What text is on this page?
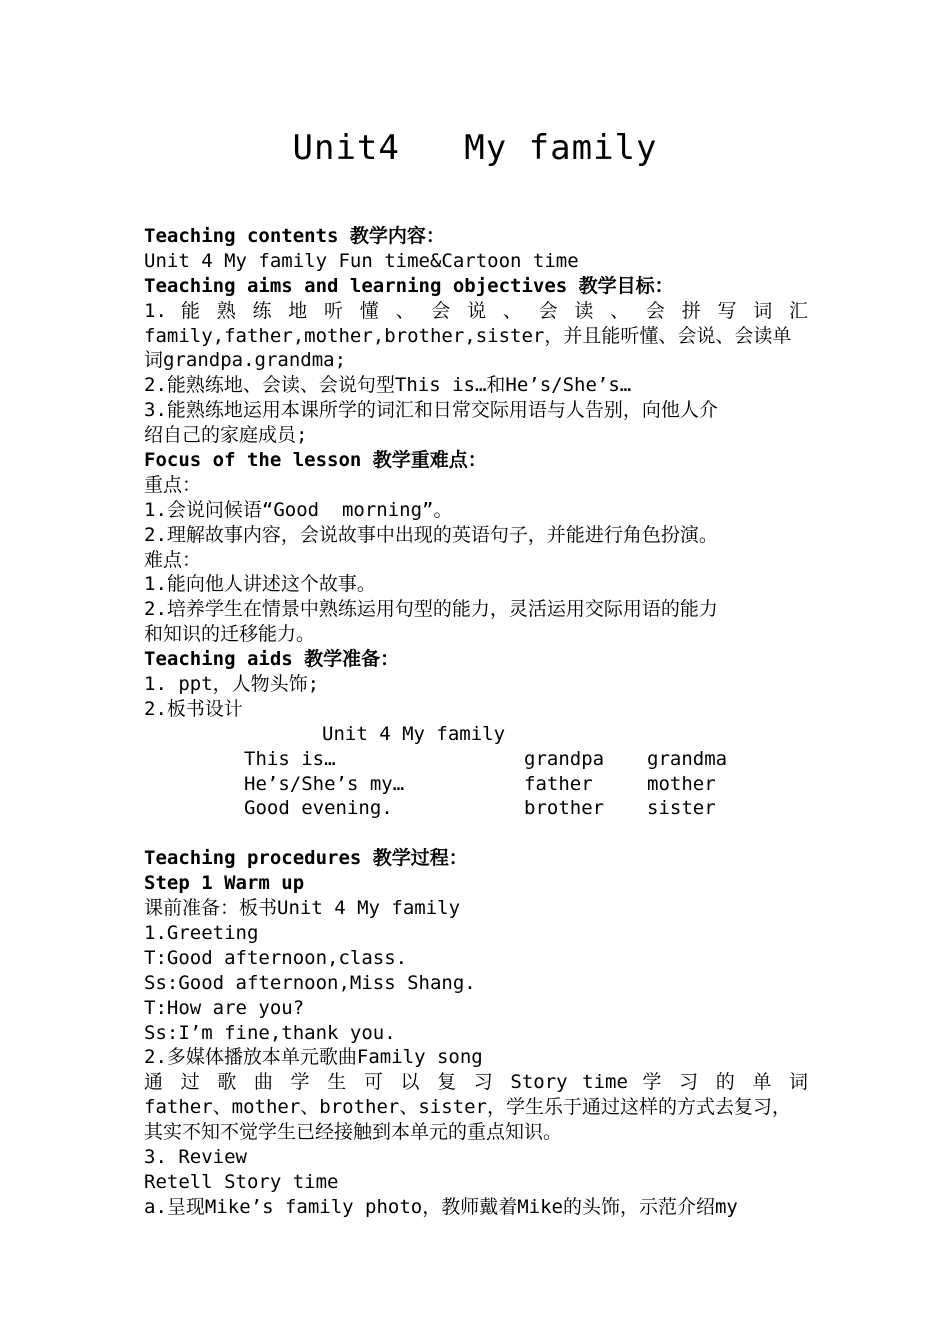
Unit4   My family
Teaching contents 教学内容：
Unit 4 My family Fun time&Cartoon time
Teaching aims and learning objectives 教学目标：
1. 能 熟 练 地 听 懂 、 会 说 、 会 读 、 会 拼 写 词 汇
family,father,mother,brother,sister，并且能听懂、会说、会读单
词grandpa.grandma;
2.能熟练地、会读、会说句型This is…和He’s/She’s…
3.能熟练地运用本课所学的词汇和日常交际用语与人告别，向他人介
绍自己的家庭成员;
Focus of the lesson 教学重难点：
重点：
1.会说问候语“Good  morning”。
2.理解故事内容，会说故事中出现的英语句子，并能进行角色扮演。
难点：
1.能向他人讲述这个故事。
2.培养学生在情景中熟练运用句型的能力，灵活运用交际用语的能力
和知识的迁移能力。
Teaching aids 教学准备：
1. ppt，人物头饰;
2.板书设计
Unit 4 My family
This is…	grandpa	grandma
He’s/She’s my…	father	mother
Good evening.	brother	sister
Teaching procedures 教学过程：
Step 1 Warm up
课前准备：板书Unit 4 My family
1.Greeting
T:Good afternoon,class.
Ss:Good afternoon,Miss Shang.
T:How are you?
Ss:I’m fine,thank you.
2.多媒体播放本单元歌曲Family song
通 过 歌 曲 学 生 可 以 复 习 Story time 学 习 的 单 词
father、mother、brother、sister，学生乐于通过这样的方式去复习，
其实不知不觉学生已经接触到本单元的重点知识。
3. Review
Retell Story time
a.呈现Mike’s family photo，教师戴着Mike的头饰，示范介绍my
